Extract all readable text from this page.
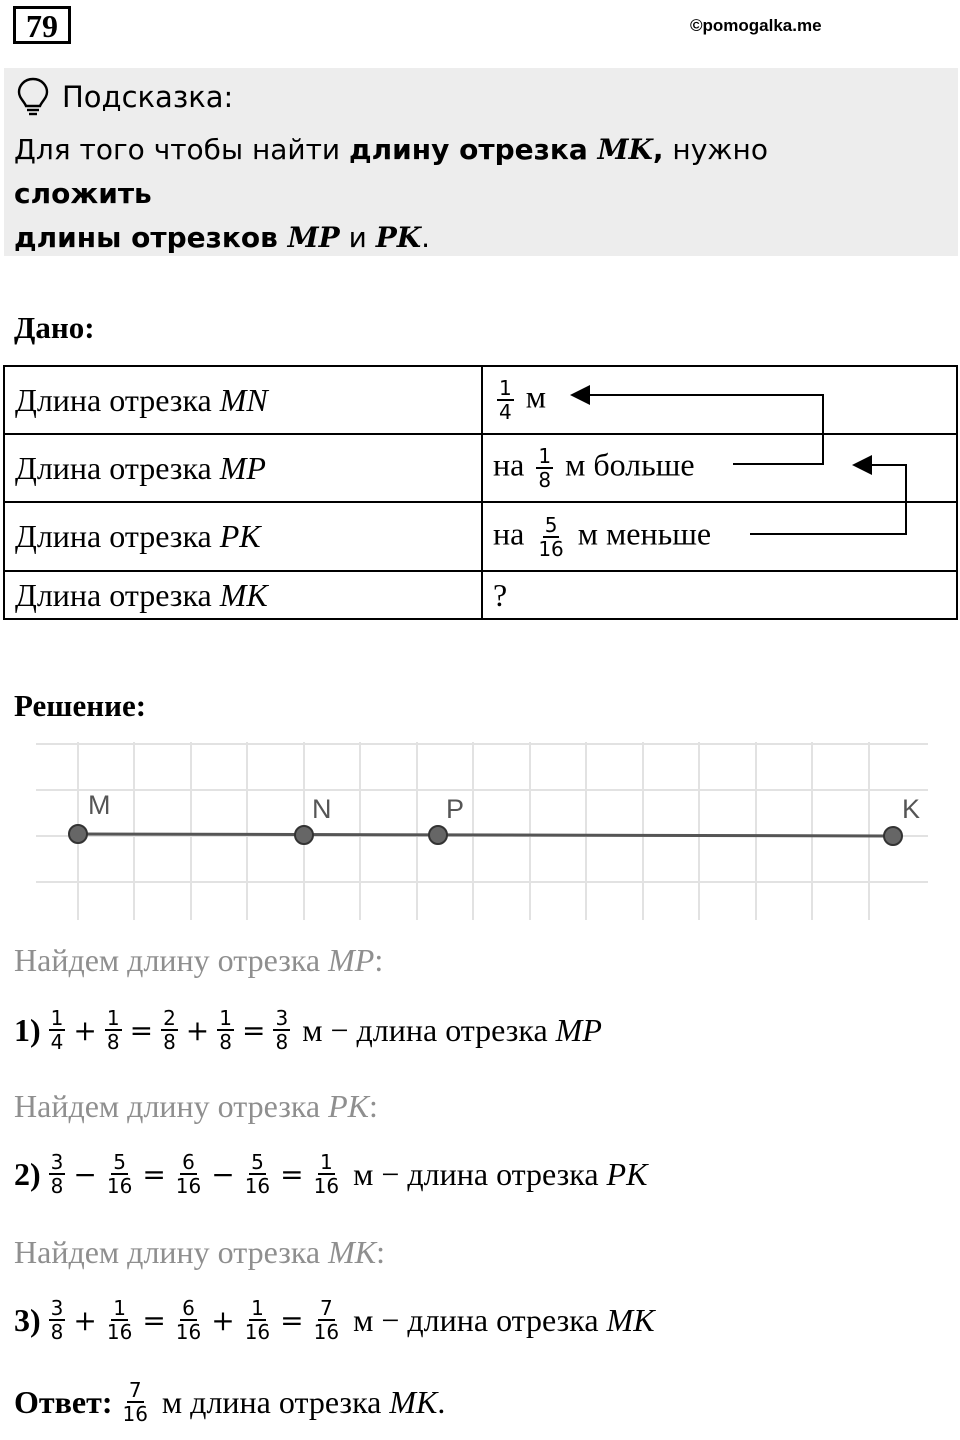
79	©pomogalka.me
Подсказка:
Для того чтобы найти длину отрезка MK, нужно сложить
длины отрезков MP и PK.
Дано:
Длина отрезка MN	$\frac{1}{4}$ м
Длина отрезка MP	на $\frac{1}{8}$ м больше
Длина отрезка PK	на $\frac{5}{16}$ м меньше
Длина отрезка MK	?
Решение:
M	N	P	K
Найдем длину отрезка MP:
$1) \frac{1}{4} + \frac{1}{8} = \frac{2}{8} + \frac{1}{8} = \frac{3}{8}$ м − длина отрезка MP
Найдем длину отрезка PK:
$2) \frac{3}{8} - \frac{5}{16} = \frac{6}{16} - \frac{5}{16} = \frac{1}{16}$ м − длина отрезка PK
Найдем длину отрезка MK:
$3) \frac{3}{8} + \frac{1}{16} = \frac{6}{16} + \frac{1}{16} = \frac{7}{16}$ м − длина отрезка MK
Ответ: $\frac{7}{16}$ м длина отрезка MK .
